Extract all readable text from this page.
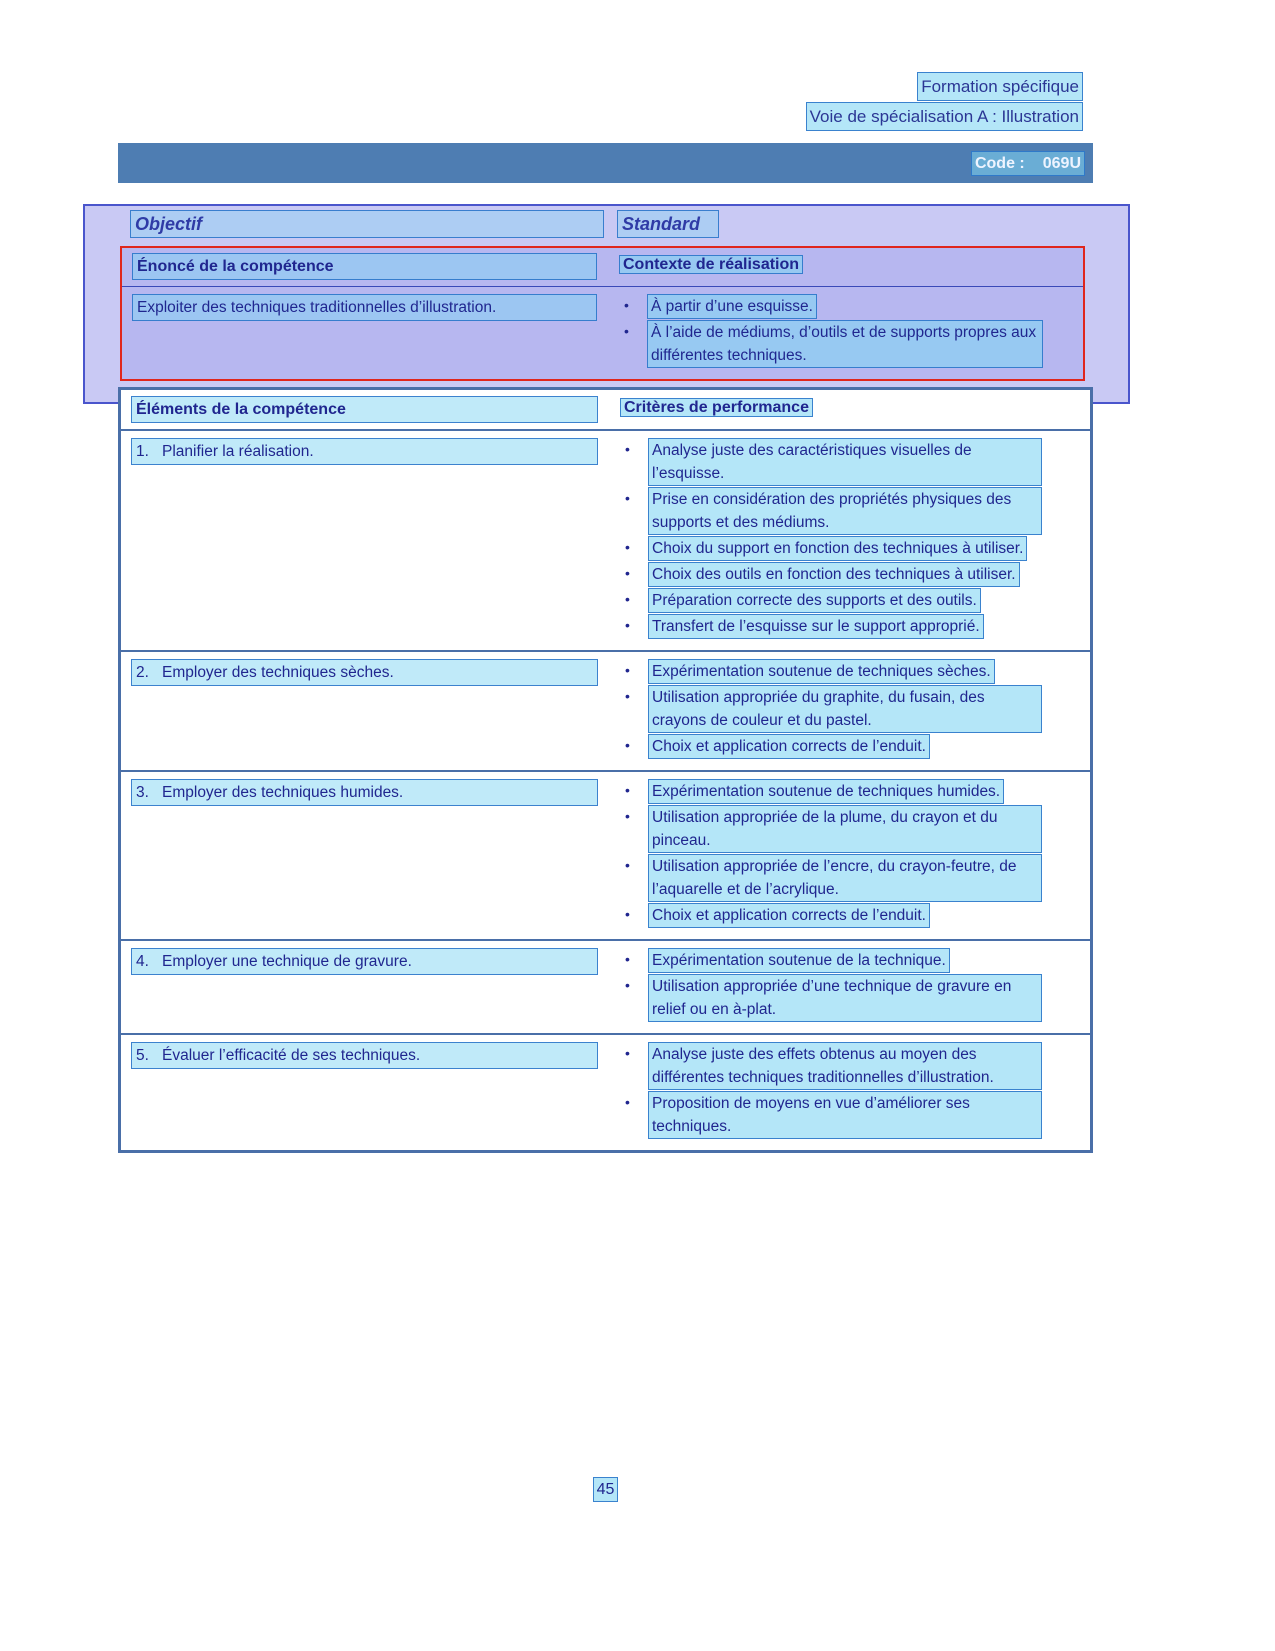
Formation spécifique
Voie de spécialisation A : Illustration
Code : 069U
Objectif	Standard
Énoncé de la compétence	Contexte de réalisation
Exploiter des techniques traditionnelles d’illustration. •	À partir d’une esquisse.
•
À l’aide de médiums, d’outils et de supports propres aux différentes techniques.
Éléments de la compétence	Critères de performance
1. Planifier la réalisation. •	Analyse juste des caractéristiques visuelles de l’esquisse.
•
Prise en considération des propriétés physiques des supports et des médiums.
•
Choix du support en fonction des techniques à utiliser.
•
Choix des outils en fonction des techniques à utiliser.
•
Préparation correcte des supports et des outils.
•
Transfert de l’esquisse sur le support approprié.
2. Employer des techniques sèches. •	Expérimentation soutenue de techniques sèches.
•
Utilisation appropriée du graphite, du fusain, des crayons de couleur et du pastel.
•
Choix et application corrects de l’enduit.
3. Employer des techniques humides. •	Expérimentation soutenue de techniques humides.
•
Utilisation appropriée de la plume, du crayon et du pinceau.
•
Utilisation appropriée de l’encre, du crayon-feutre, de l’aquarelle et de l’acrylique.
•
Choix et application corrects de l’enduit.
4. Employer une technique de gravure. •	Expérimentation soutenue de la technique.
•
Utilisation appropriée d’une technique de gravure en relief ou en à-plat.
5. Évaluer l’efficacité de ses techniques. •	Analyse juste des effets obtenus au moyen des différentes techniques traditionnelles d’illustration.
•
Proposition de moyens en vue d’améliorer ses techniques.
45
